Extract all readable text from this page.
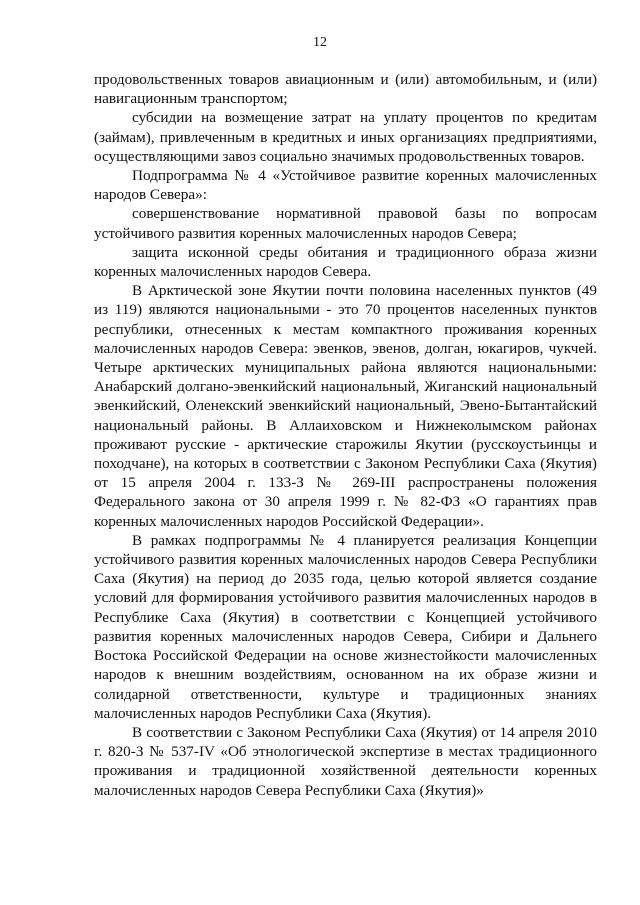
12

продовольственных товаров авиационным и (или) автомобильным, и (или) навигационным транспортом;

субсидии на возмещение затрат на уплату процентов по кредитам (займам), привлеченным в кредитных и иных организациях предприятиями, осуществляющими завоз социально значимых продовольственных товаров.

Подпрограмма № 4 «Устойчивое развитие коренных малочисленных народов Севера»:

совершенствование нормативной правовой базы по вопросам устойчивого развития коренных малочисленных народов Севера;

защита исконной среды обитания и традиционного образа жизни коренных малочисленных народов Севера.

В Арктической зоне Якутии почти половина населенных пунктов (49 из 119) являются национальными - это 70 процентов населенных пунктов республики, отнесенных к местам компактного проживания коренных малочисленных народов Севера: эвенков, эвенов, долган, юкагиров, чукчей. Четыре арктических муниципальных района являются национальными: Анабарский долгано-эвенкийский национальный, Жиганский национальный эвенкийский, Оленекский эвенкийский национальный, Эвено-Бытантайский национальный районы. В Аллаиховском и Нижнеколымском районах проживают русские - арктические старожилы Якутии (русскоустьинцы и походчане), на которых в соответствии с Законом Республики Саха (Якутия) от 15 апреля 2004 г. 133-З № 269-III распространены положения Федерального закона от 30 апреля 1999 г. № 82-ФЗ «О гарантиях прав коренных малочисленных народов Российской Федерации».

В рамках подпрограммы № 4 планируется реализация Концепции устойчивого развития коренных малочисленных народов Севера Республики Саха (Якутия) на период до 2035 года, целью которой является создание условий для формирования устойчивого развития малочисленных народов в Республике Саха (Якутия) в соответствии с Концепцией устойчивого развития коренных малочисленных народов Севера, Сибири и Дальнего Востока Российской Федерации на основе жизнестойкости малочисленных народов к внешним воздействиям, основанном на их образе жизни и солидарной ответственности, культуре и традиционных знаниях малочисленных народов Республики Саха (Якутия).

В соответствии с Законом Республики Саха (Якутия) от 14 апреля 2010 г. 820-З № 537-IV «Об этнологической экспертизе в местах традиционного проживания и традиционной хозяйственной деятельности коренных малочисленных народов Севера Республики Саха (Якутия)»
